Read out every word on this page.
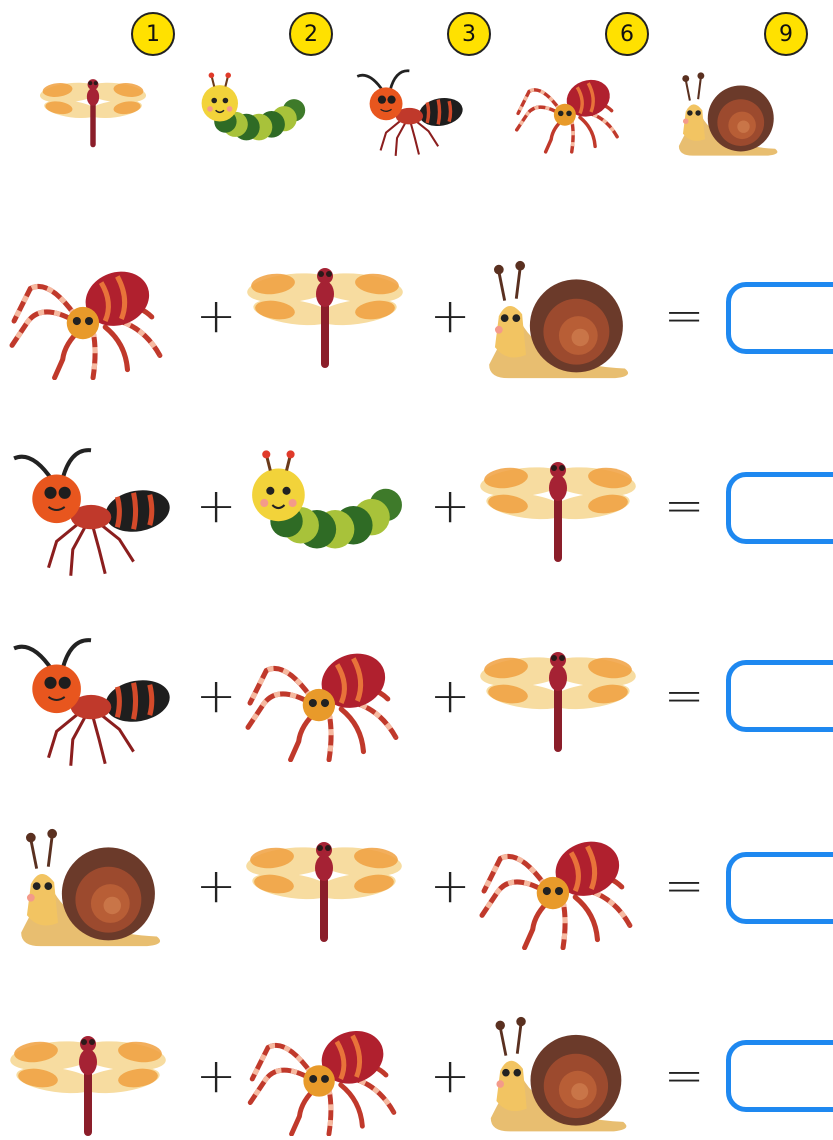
1	2	3	6	9
+	+	=
+	+	=
+	+	=
+	+	=
+	+	=
